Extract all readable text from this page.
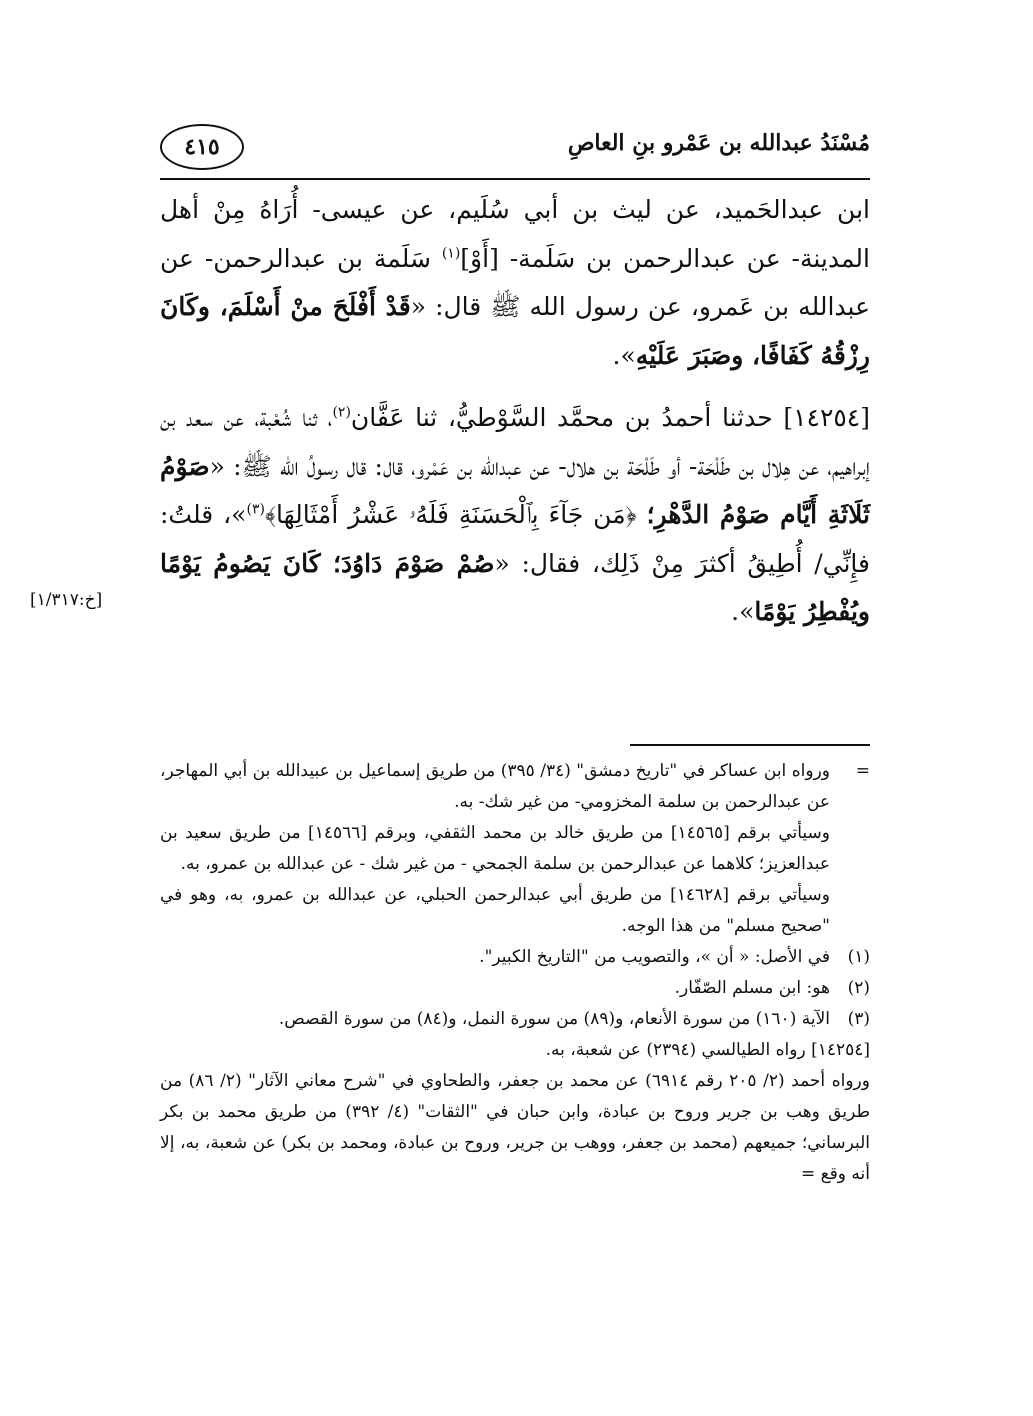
مُسْنَدُ عبدالله بن عَمْرو بنِ العاصِ
٤١٥

ابن عبدالحَميد، عن ليث بن أبي سُلَيم، عن عيسى- أُرَاهُ مِنْ أهل المدينة- عن عبدالرحمن بن سَلَمة- [أَوْ]$^{(١)}$ سَلَمة بن عبدالرحمن- عن عبدالله بن عَمرو، عن رسول الله ﷺ قال: «قَدْ أَفْلَحَ منْ أَسْلَمَ، وكَانَ رِزْقُهُ كَفَافًا، وصَبَرَ عَلَيْهِ».

[١٤٢٥٤] حدثنا أحمدُ بن محمَّد السَّوْطيُّ، ثنا عَفَّان$^{(٢)}$، ثنا شُعْبة، عن سعد بن إبراهيم، عن هِلال بن طَلْحَة- أو طَلْحَة بن هلال- عن عبدالله بن عَمْرو، قال: قال رسولُ الله ﷺ: «صَوْمُ ثَلَاثَةِ أَيَّام صَوْمُ الدَّهْرِ؛ ﴿مَن جَآءَ بِٱلْحَسَنَةِ فَلَهُۥ عَشْرُ أَمْثَالِهَا﴾$^{(٣)}$»، قلتُ: فإِنِّي/ أُطِيقُ أكثرَ مِنْ ذَلِك، فقال: «صُمْ صَوْمَ دَاوُدَ؛ كَانَ يَصُومُ يَوْمًا ويُفْطِرُ يَوْمًا».

[خ:١/٣١٧]
=
ورواه ابن عساكر في "تاريخ دمشق" (٣٤/ ٣٩٥) من طريق إسماعيل بن عبيدالله بن أبي المهاجر، عن عبدالرحمن بن سلمة المخزومي- من غير شك- به.
وسيأتي برقم [١٤٥٦٥] من طريق خالد بن محمد الثقفي، وبرقم [١٤٥٦٦] من طريق سعيد بن عبدالعزيز؛ كلاهما عن عبدالرحمن بن سلمة الجمحي - من غير شك - عن عبدالله بن عمرو، به.
وسيأتي برقم [١٤٦٢٨] من طريق أبي عبدالرحمن الحبلي، عن عبدالله بن عمرو، به، وهو في "صحيح مسلم" من هذا الوجه.
(١)
في الأصل: « أن »، والتصويب من "التاريخ الكبير".
(٢)
هو: ابن مسلم الصّفّار.
(٣)
الآية (١٦٠) من سورة الأنعام، و(٨٩) من سورة النمل، و(٨٤) من سورة القصص.
[١٤٢٥٤] رواه الطيالسي (٢٣٩٤) عن شعبة، به.
ورواه أحمد (٢/ ٢٠٥ رقم ٦٩١٤) عن محمد بن جعفر، والطحاوي في "شرح معاني الآثار" (٢/ ٨٦) من طريق وهب بن جرير وروح بن عبادة، وابن حبان في "الثقات" (٤/ ٣٩٢) من طريق محمد بن بكر البرساني؛ جميعهم (محمد بن جعفر، ووهب بن جرير، وروح بن عبادة، ومحمد بن بكر) عن شعبة، به، إلا أنه وقع =
